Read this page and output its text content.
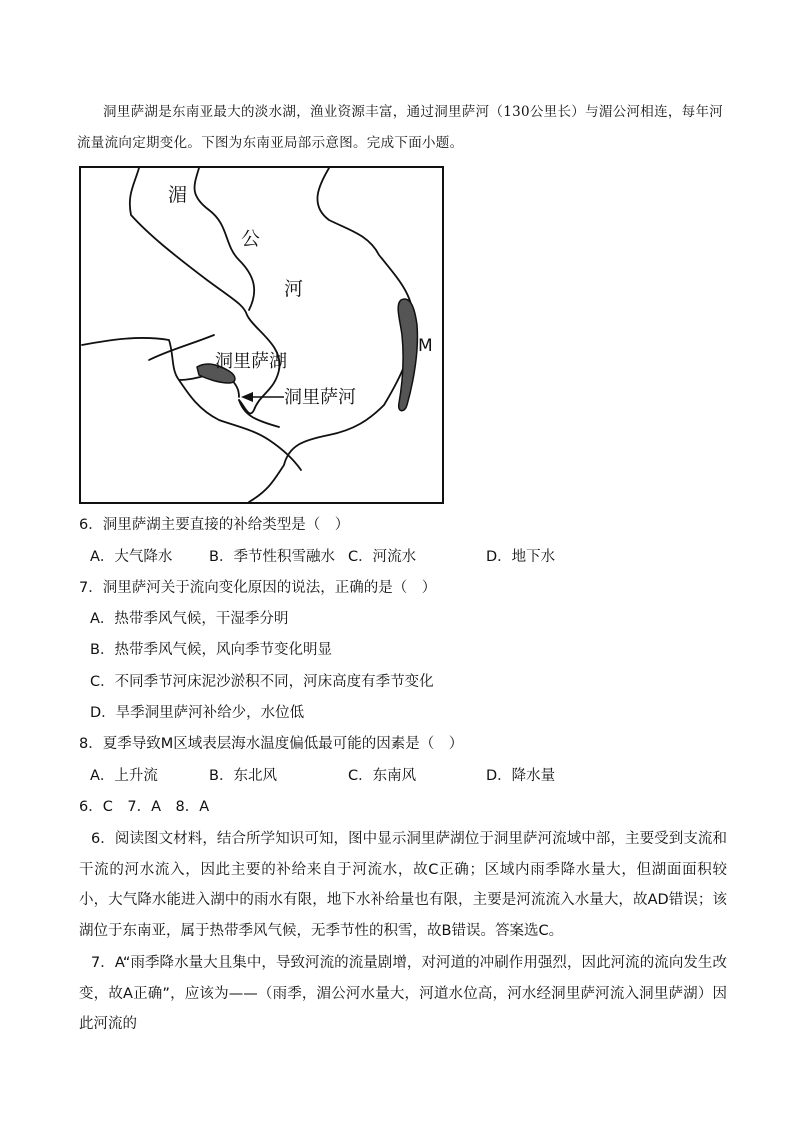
洞里萨湖是东南亚最大的淡水湖，渔业资源丰富，通过洞里萨河（130公里长）与湄公河相连，每年河流量流向定期变化。下图为东南亚局部示意图。完成下面小题。
湄
公
河
洞里萨湖
洞里萨河
M
6．洞里萨湖主要直接的补给类型是（　）
A．大气降水	B．季节性积雪融水 C．河流水	D．地下水
7．洞里萨河关于流向变化原因的说法，正确的是（　）
A．热带季风气候，干湿季分明
B．热带季风气候，风向季节变化明显
C．不同季节河床泥沙淤积不同，河床高度有季节变化
D．旱季洞里萨河补给少，水位低
8．夏季导致M区域表层海水温度偏低最可能的因素是（　）
A．上升流	B．东北风	C．东南风	D．降水量
6．C　7．A　8．A
6．阅读图文材料，结合所学知识可知，图中显示洞里萨湖位于洞里萨河流域中部，主要受到支流和干流的河水流入，因此主要的补给来自于河流水，故C正确；区域内雨季降水量大，但湖面面积较小，大气降水能进入湖中的雨水有限，地下水补给量也有限，主要是河流流入水量大，故AD错误；该湖位于东南亚，属于热带季风气候，无季节性的积雪，故B错误。答案选C。
7．A“雨季降水量大且集中，导致河流的流量剧增，对河道的冲刷作用强烈，因此河流的流向发生改变，故A正确”，应该为——（雨季，湄公河水量大，河道水位高，河水经洞里萨河流入洞里萨湖）因此河流的
